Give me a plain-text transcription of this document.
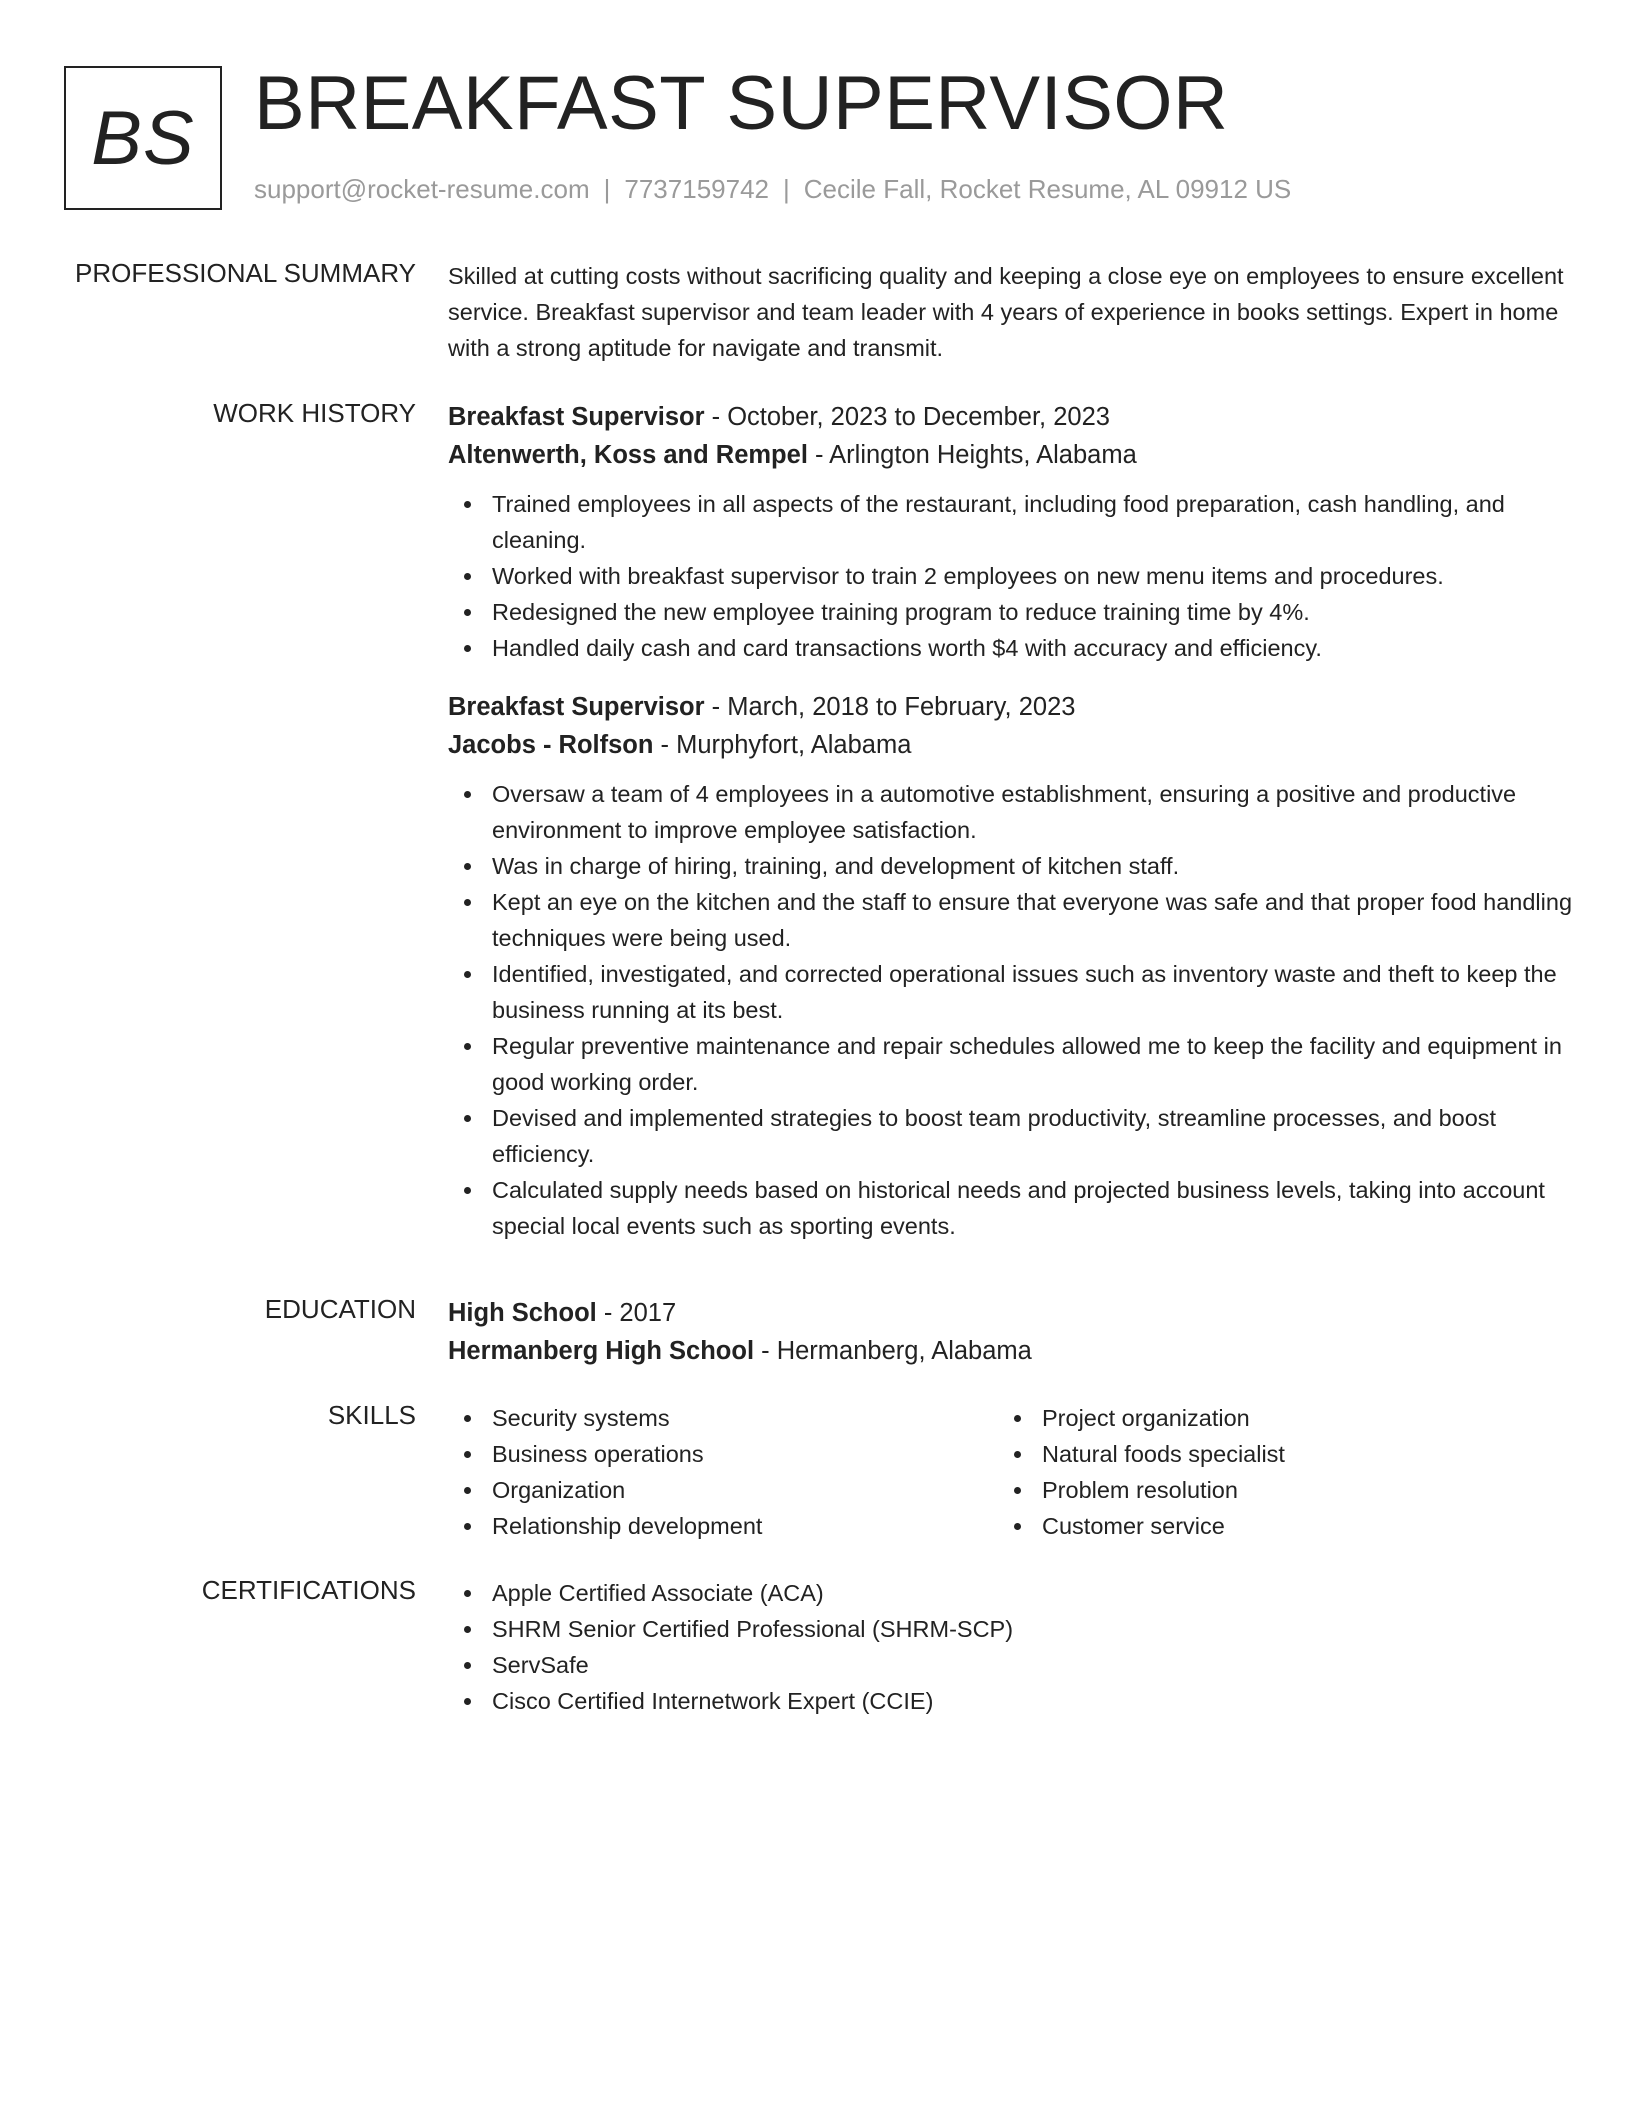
BS BREAKFAST SUPERVISOR
support@rocket-resume.com | 7737159742 | Cecile Fall, Rocket Resume, AL 09912 US
PROFESSIONAL SUMMARY Skilled at cutting costs without sacrificing quality and keeping a close eye on employees to ensure excellent service. Breakfast supervisor and team leader with 4 years of experience in books settings. Expert in home with a strong aptitude for navigate and transmit.
WORK HISTORY Breakfast Supervisor - October, 2023 to December, 2023
Altenwerth, Koss and Rempel - Arlington Heights, Alabama
Trained employees in all aspects of the restaurant, including food preparation, cash handling, and cleaning.
Worked with breakfast supervisor to train 2 employees on new menu items and procedures.
Redesigned the new employee training program to reduce training time by 4%.
Handled daily cash and card transactions worth $4 with accuracy and efficiency.
Breakfast Supervisor - March, 2018 to February, 2023
Jacobs - Rolfson - Murphyfort, Alabama
Oversaw a team of 4 employees in a automotive establishment, ensuring a positive and productive environment to improve employee satisfaction.
Was in charge of hiring, training, and development of kitchen staff.
Kept an eye on the kitchen and the staff to ensure that everyone was safe and that proper food handling techniques were being used.
Identified, investigated, and corrected operational issues such as inventory waste and theft to keep the business running at its best.
Regular preventive maintenance and repair schedules allowed me to keep the facility and equipment in good working order.
Devised and implemented strategies to boost team productivity, streamline processes, and boost efficiency.
Calculated supply needs based on historical needs and projected business levels, taking into account special local events such as sporting events.
EDUCATION High School - 2017
Hermanberg High School - Hermanberg, Alabama
SKILLS	Security systems
Business operations
Organization
Relationship development
Project organization
Natural foods specialist
Problem resolution
Customer service
CERTIFICATIONS	Apple Certified Associate (ACA)
SHRM Senior Certified Professional (SHRM-SCP)
ServSafe
Cisco Certified Internetwork Expert (CCIE)
